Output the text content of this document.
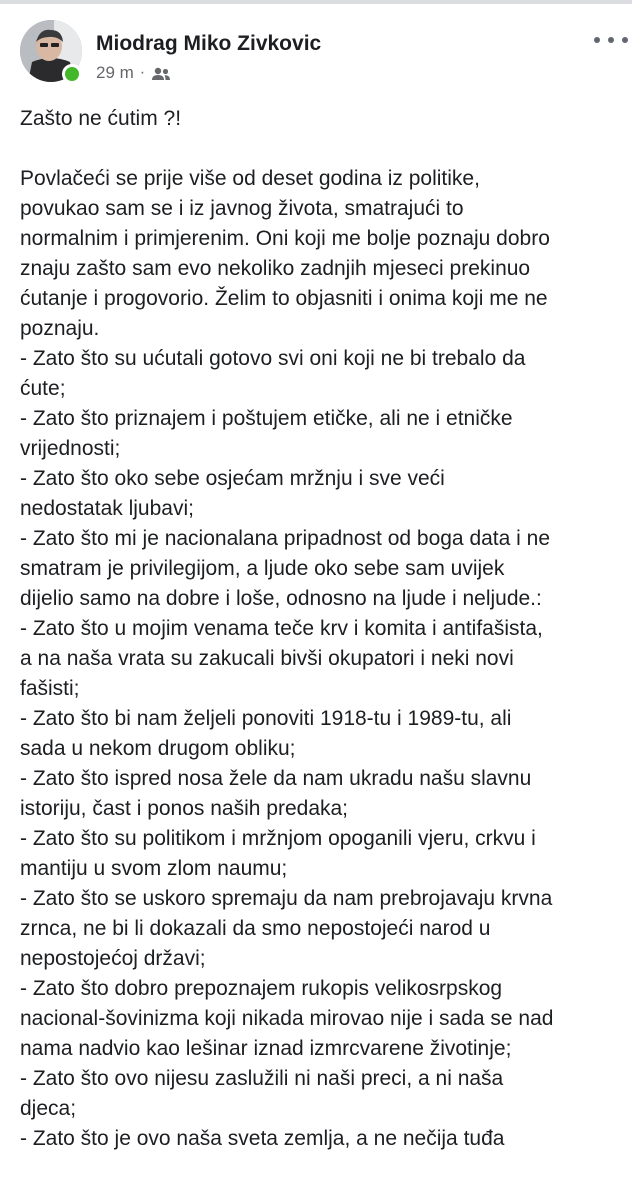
Miodrag Miko Zivkovic
29 m ·
Zašto ne ćutim ?!
Povlačeći se prije više od deset godina iz politike,
povukao sam se i iz javnog života, smatrajući to
normalnim i primjerenim. Oni koji me bolje poznaju dobro
znaju zašto sam evo nekoliko zadnjih mjeseci prekinuo
ćutanje i progovorio. Želim to objasniti i onima koji me ne
poznaju.
- Zato što su ućutali gotovo svi oni koji ne bi trebalo da
ćute;
- Zato što priznajem i poštujem etičke, ali ne i etničke
vrijednosti;
- Zato što oko sebe osjećam mržnju i sve veći
nedostatak ljubavi;
- Zato što mi je nacionalana pripadnost od boga data i ne
smatram je privilegijom, a ljude oko sebe sam uvijek
dijelio samo na dobre i loše, odnosno na ljude i neljude.:
- Zato što u mojim venama teče krv i komita i antifašista,
a na naša vrata su zakucali bivši okupatori i neki novi
fašisti;
- Zato što bi nam željeli ponoviti 1918-tu i 1989-tu, ali
sada u nekom drugom obliku;
- Zato što ispred nosa žele da nam ukradu našu slavnu
istoriju, čast i ponos naših predaka;
- Zato što su politikom i mržnjom opoganili vjeru, crkvu i
mantiju u svom zlom naumu;
- Zato što se uskoro spremaju da nam prebrojavaju krvna
zrnca, ne bi li dokazali da smo nepostojeći narod u
nepostojećoj državi;
- Zato što dobro prepoznajem rukopis velikosrpskog
nacional-šovinizma koji nikada mirovao nije i sada se nad
nama nadvio kao lešinar iznad izmrcvarene životinje;
- Zato što ovo nijesu zaslužili ni naši preci, a ni naša
djeca;
- Zato što je ovo naša sveta zemlja, a ne nečija tuđa
